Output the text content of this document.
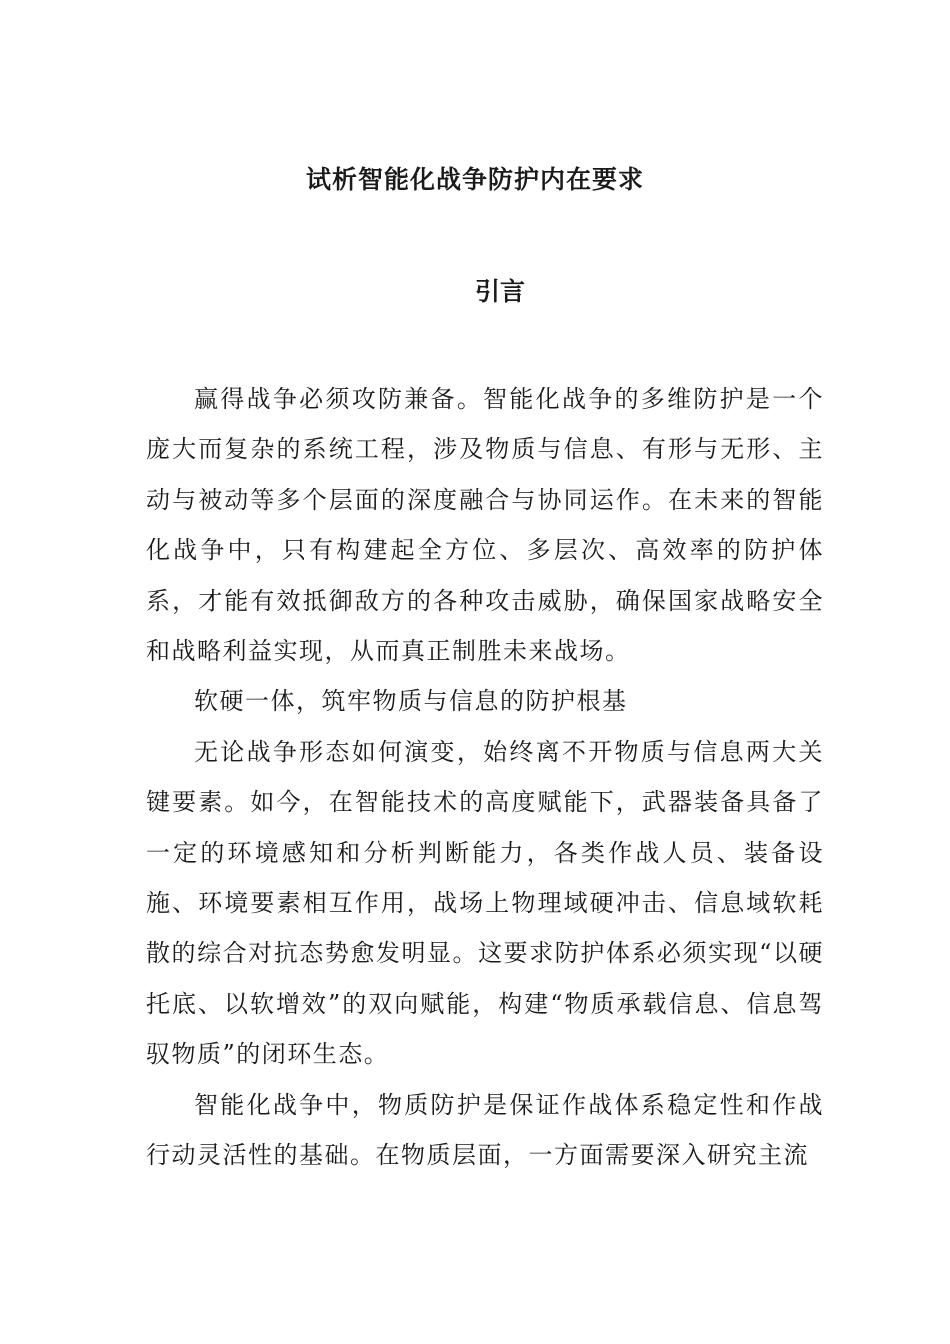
试析智能化战争防护内在要求
引言

赢得战争必须攻防兼备。智能化战争的多维防护是一个庞大而复杂的系统工程，涉及物质与信息、有形与无形、主动与被动等多个层面的深度融合与协同运作。在未来的智能化战争中，只有构建起全方位、多层次、高效率的防护体系，才能有效抵御敌方的各种攻击威胁，确保国家战略安全和战略利益实现，从而真正制胜未来战场。

软硬一体，筑牢物质与信息的防护根基

无论战争形态如何演变，始终离不开物质与信息两大关键要素。如今，在智能技术的高度赋能下，武器装备具备了一定的环境感知和分析判断能力，各类作战人员、装备设施、环境要素相互作用，战场上物理域硬冲击、信息域软耗散的综合对抗态势愈发明显。这要求防护体系必须实现“以硬托底、以软增效”的双向赋能，构建“物质承载信息、信息驾驭物质”的闭环生态。

智能化战争中，物质防护是保证作战体系稳定性和作战行动灵活性的基础。在物质层面，一方面需要深入研究主流
